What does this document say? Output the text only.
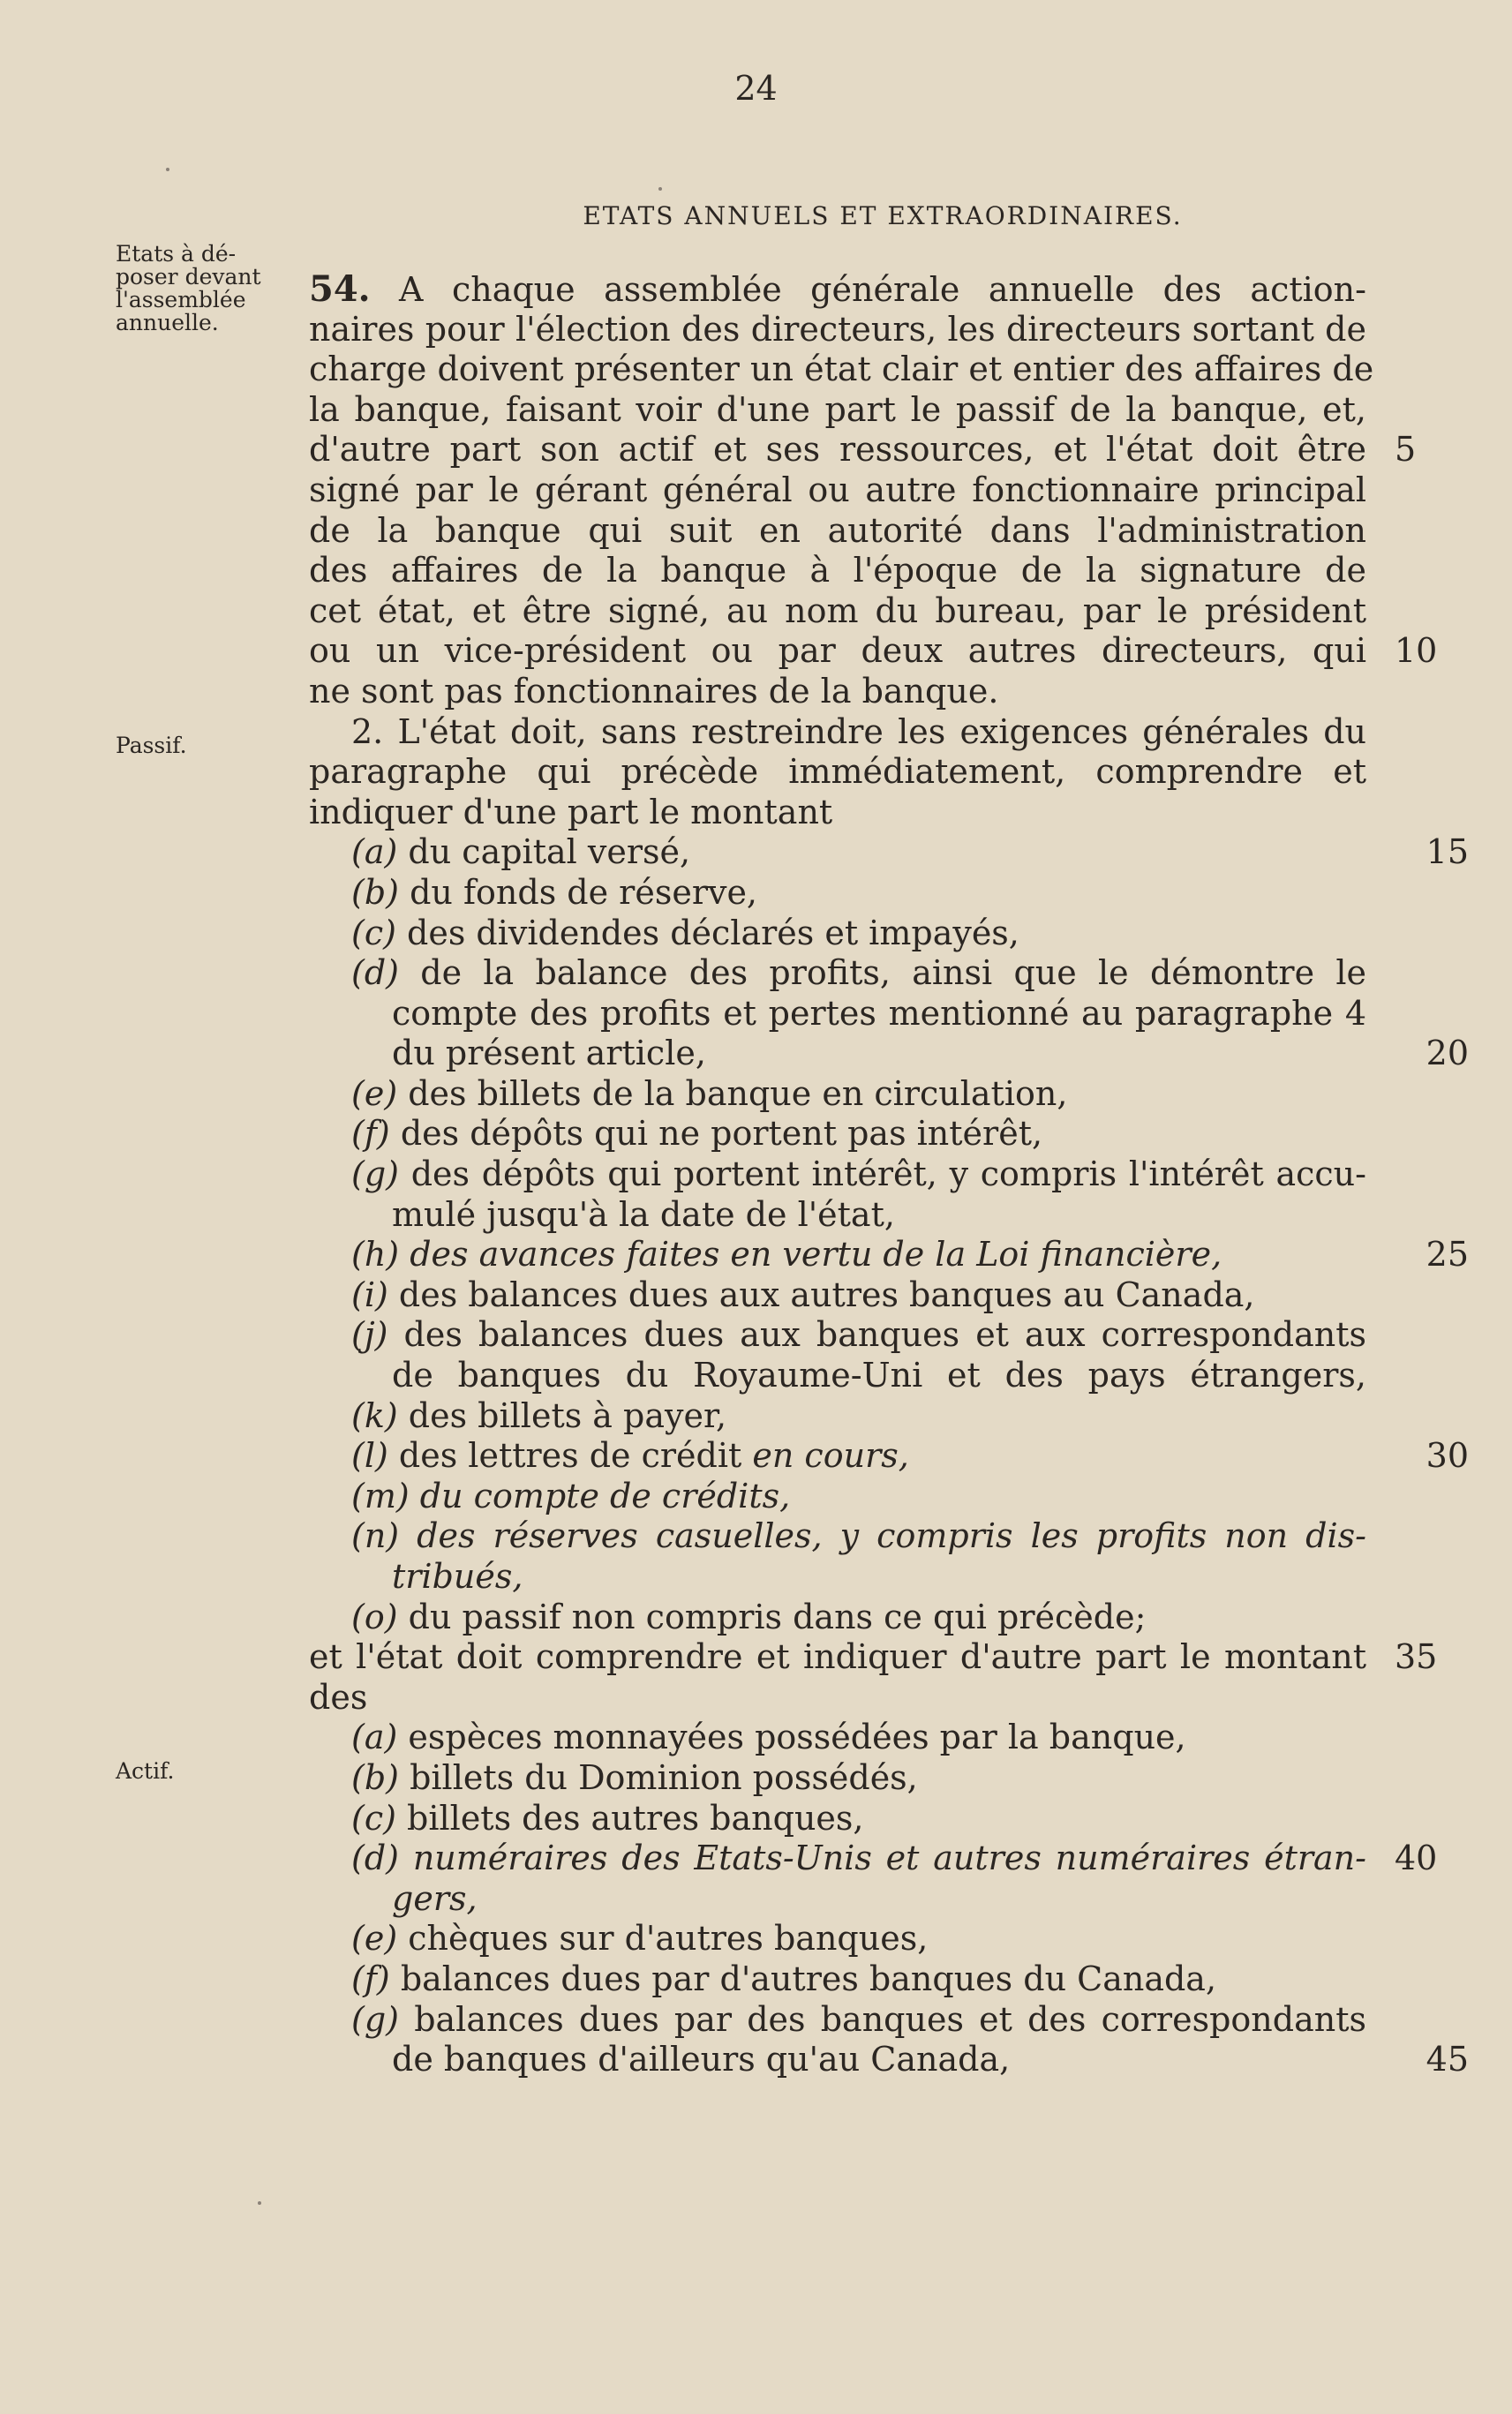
24
ETATS ANNUELS ET EXTRAORDINAIRES.
Etats à dé-
poser devant
l'assemblée
annuelle.
Passif.
Actif.
54. A chaque assemblée générale annuelle des action-
naires pour l'élection des directeurs, les directeurs sortant de
charge doivent présenter un état clair et entier des affaires de
la banque, faisant voir d'une part le passif de la banque, et,
d'autre part son actif et ses ressources, et l'état doit être 5
signé par le gérant général ou autre fonctionnaire principal
de la banque qui suit en autorité dans l'administration
des affaires de la banque à l'époque de la signature de
cet état, et être signé, au nom du bureau, par le président
ou un vice-président ou par deux autres directeurs, qui 10
ne sont pas fonctionnaires de la banque.
2. L'état doit, sans restreindre les exigences générales du
paragraphe qui précède immédiatement, comprendre et
indiquer d'une part le montant
(a) du capital versé,	15
(b) du fonds de réserve,
(c) des dividendes déclarés et impayés,
(d) de la balance des profits, ainsi que le démontre le
compte des profits et pertes mentionné au paragraphe 4
du présent article,	20
(e) des billets de la banque en circulation,
(f) des dépôts qui ne portent pas intérêt,
(g) des dépôts qui portent intérêt, y compris l'intérêt accu-
mulé jusqu'à la date de l'état,
(h) des avances faites en vertu de la Loi financière,	25
(i) des balances dues aux autres banques au Canada,
(j) des balances dues aux banques et aux correspondants
de banques du Royaume-Uni et des pays étrangers,
(k) des billets à payer,
(l) des lettres de crédit en cours,	30
(m) du compte de crédits,
(n) des réserves casuelles, y compris les profits non dis-
tribués,
(o) du passif non compris dans ce qui précède;
et l'état doit comprendre et indiquer d'autre part le montant 35
des
(a) espèces monnayées possédées par la banque,
(b) billets du Dominion possédés,
(c) billets des autres banques,
(d) numéraires des Etats-Unis et autres numéraires étran- 40
gers,
(e) chèques sur d'autres banques,
(f) balances dues par d'autres banques du Canada,
(g) balances dues par des banques et des correspondants
de banques d'ailleurs qu'au Canada,	45
